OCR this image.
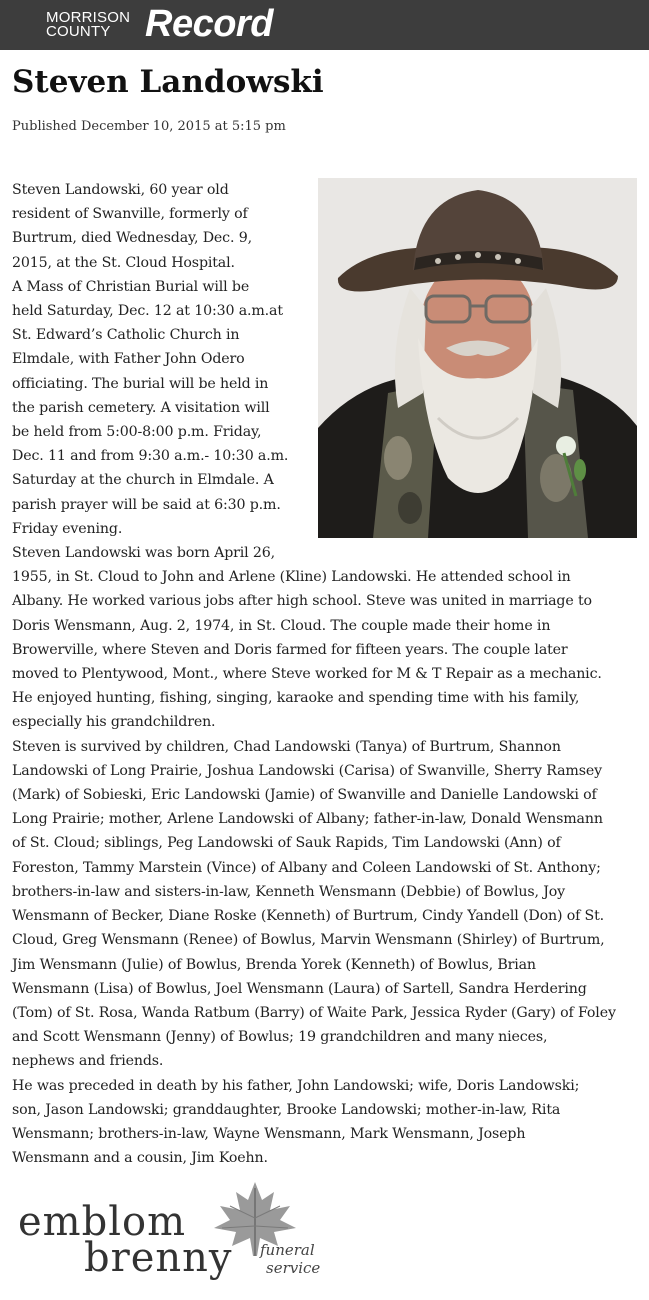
MORRISON
COUNTY Record
Steven Landowski
Published December 10, 2015 at 5:15 pm

Steven Landowski, 60 year old
resident of Swanville, formerly of
Burtrum, died Wednesday, Dec. 9,
2015, at the St. Cloud Hospital.

A Mass of Christian Burial will be
held Saturday, Dec. 12 at 10:30 a.m.at
St. Edward’s Catholic Church in
Elmdale, with Father John Odero
officiating. The burial will be held in
the parish cemetery. A visitation will
be held from 5:00-8:00 p.m. Friday,
Dec. 11 and from 9:30 a.m.- 10:30 a.m.
Saturday at the church in Elmdale. A
parish prayer will be said at 6:30 p.m.
Friday evening.

Steven Landowski was born April 26,
1955, in St. Cloud to John and Arlene (Kline) Landowski. He attended school in
Albany. He worked various jobs after high school. Steve was united in marriage to
Doris Wensmann, Aug. 2, 1974, in St. Cloud. The couple made their home in
Browerville, where Steven and Doris farmed for fifteen years. The couple later
moved to Plentywood, Mont., where Steve worked for M & T Repair as a mechanic.
He enjoyed hunting, fishing, singing, karaoke and spending time with his family,
especially his grandchildren.

Steven is survived by children, Chad Landowski (Tanya) of Burtrum, Shannon
Landowski of Long Prairie, Joshua Landowski (Carisa) of Swanville, Sherry Ramsey
(Mark) of Sobieski, Eric Landowski (Jamie) of Swanville and Danielle Landowski of
Long Prairie; mother, Arlene Landowski of Albany; father-in-law, Donald Wensmann
of St. Cloud; siblings, Peg Landowski of Sauk Rapids, Tim Landowski (Ann) of
Foreston, Tammy Marstein (Vince) of Albany and Coleen Landowski of St. Anthony;
brothers-in-law and sisters-in-law, Kenneth Wensmann (Debbie) of Bowlus, Joy
Wensmann of Becker, Diane Roske (Kenneth) of Burtrum, Cindy Yandell (Don) of St.
Cloud, Greg Wensmann (Renee) of Bowlus, Marvin Wensmann (Shirley) of Burtrum,
Jim Wensmann (Julie) of Bowlus, Brenda Yorek (Kenneth) of Bowlus, Brian
Wensmann (Lisa) of Bowlus, Joel Wensmann (Laura) of Sartell, Sandra Herdering
(Tom) of St. Rosa, Wanda Ratbum (Barry) of Waite Park, Jessica Ryder (Gary) of Foley
and Scott Wensmann (Jenny) of Bowlus; 19 grandchildren and many nieces,
nephews and friends.

He was preceded in death by his father, John Landowski; wife, Doris Landowski;
son, Jason Landowski; granddaughter, Brooke Landowski; mother-in-law, Rita
Wensmann; brothers-in-law, Wayne Wensmann, Mark Wensmann, Joseph
Wensmann and a cousin, Jim Koehn.

emblom
brenny funeral
service
